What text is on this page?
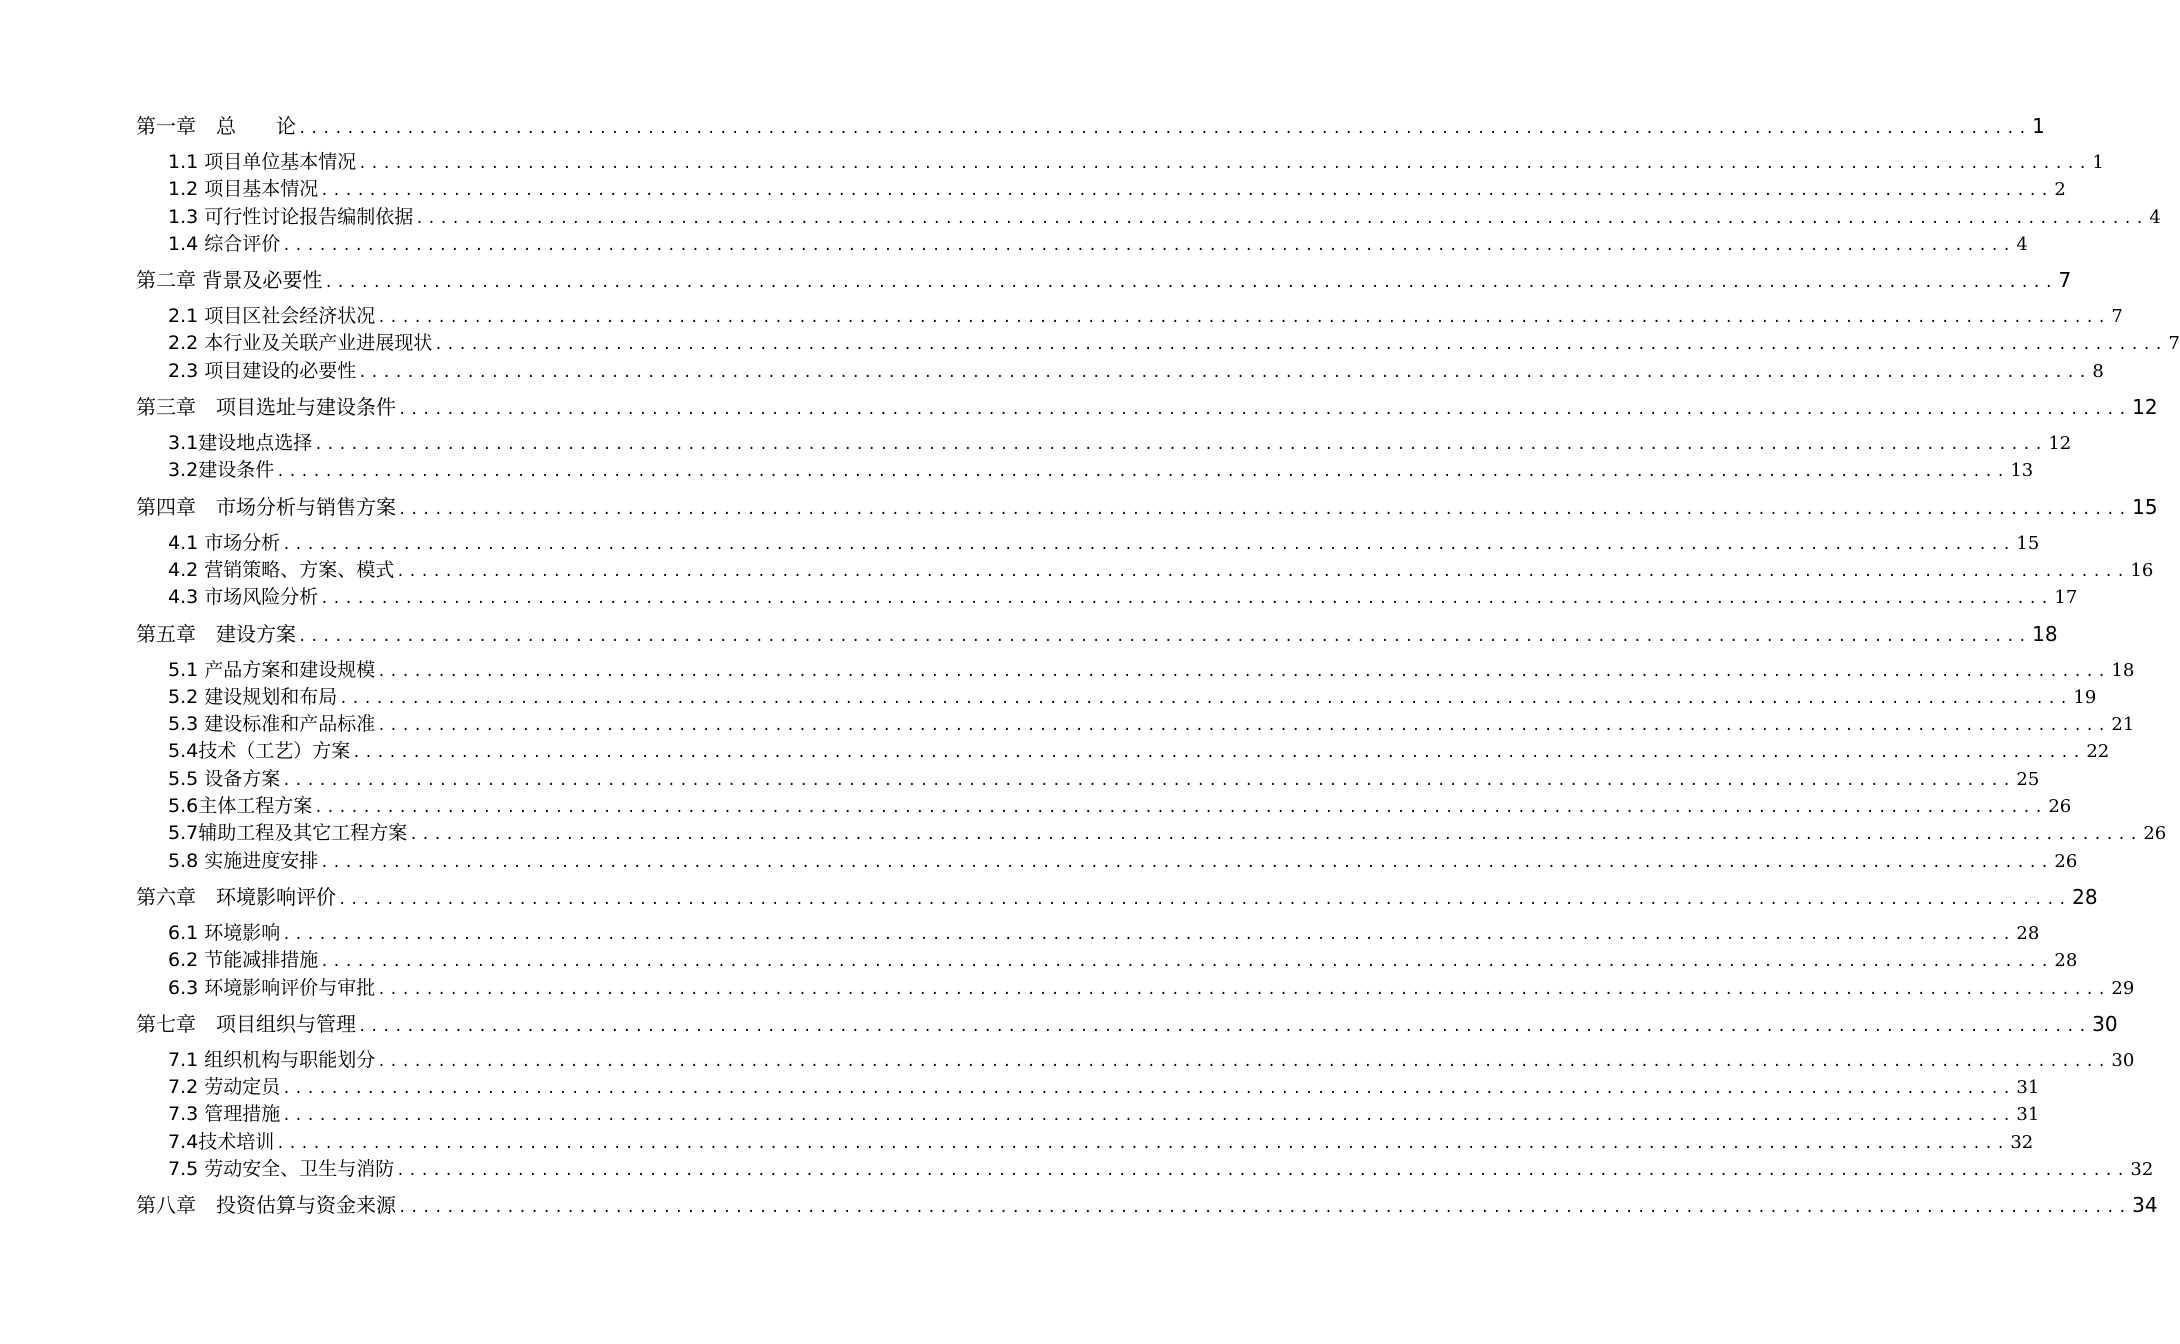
第一章　总　　论 ................................................................................................................................................ 1
1.1 项目单位基本情况 ................................................................................................................................................ 1
1.2 项目基本情况 ................................................................................................................................................ 2
1.3 可行性讨论报告编制依据 ................................................................................................................................................ 4
1.4 综合评价 ................................................................................................................................................ 4
第二章 背景及必要性 ................................................................................................................................................ 7
2.1 项目区社会经济状况 ................................................................................................................................................ 7
2.2 本行业及关联产业进展现状 ................................................................................................................................................ 7
2.3 项目建设的必要性 ................................................................................................................................................ 8
第三章　项目选址与建设条件 ................................................................................................................................................ 12
3.1建设地点选择 ................................................................................................................................................ 12
3.2建设条件 ................................................................................................................................................ 13
第四章　市场分析与销售方案 ................................................................................................................................................ 15
4.1 市场分析 ................................................................................................................................................ 15
4.2 营销策略、方案、模式 ................................................................................................................................................ 16
4.3 市场风险分析 ................................................................................................................................................ 17
第五章　建设方案 ................................................................................................................................................ 18
5.1 产品方案和建设规模 ................................................................................................................................................ 18
5.2 建设规划和布局 ................................................................................................................................................ 19
5.3 建设标准和产品标准 ................................................................................................................................................ 21
5.4技术（工艺）方案 ................................................................................................................................................ 22
5.5 设备方案 ................................................................................................................................................ 25
5.6主体工程方案 ................................................................................................................................................ 26
5.7辅助工程及其它工程方案 ................................................................................................................................................ 26
5.8 实施进度安排 ................................................................................................................................................ 26
第六章　环境影响评价 ................................................................................................................................................ 28
6.1 环境影响 ................................................................................................................................................ 28
6.2 节能减排措施 ................................................................................................................................................ 28
6.3 环境影响评价与审批 ................................................................................................................................................ 29
第七章　项目组织与管理 ................................................................................................................................................ 30
7.1 组织机构与职能划分 ................................................................................................................................................ 30
7.2 劳动定员 ................................................................................................................................................ 31
7.3 管理措施 ................................................................................................................................................ 31
7.4技术培训 ................................................................................................................................................ 32
7.5 劳动安全、卫生与消防 ................................................................................................................................................ 32
第八章　投资估算与资金来源 ................................................................................................................................................ 34
